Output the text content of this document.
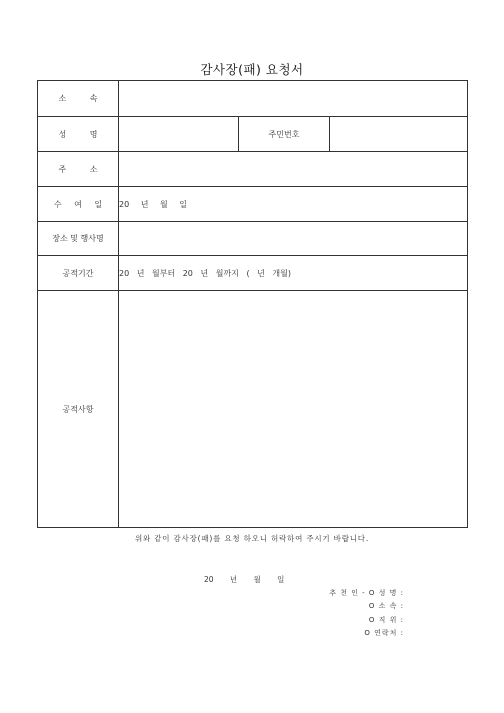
감사장(패) 요청서
소 속			
성 명		주민번호	
주 소			
수 여 일	20 년 월 일		
장소 및 행사명			
공적기간	20 년 월부터 20 년 월까지 ( 년 개월)		
공적사항			
위와 같이 감사장(패)를 요청 하오니 허락하여 주시기 바랍니다.
20 년 월 일
추 천 인 - O 성 명 :
O 소 속 :
O 직 위 :
O 연락처 :
